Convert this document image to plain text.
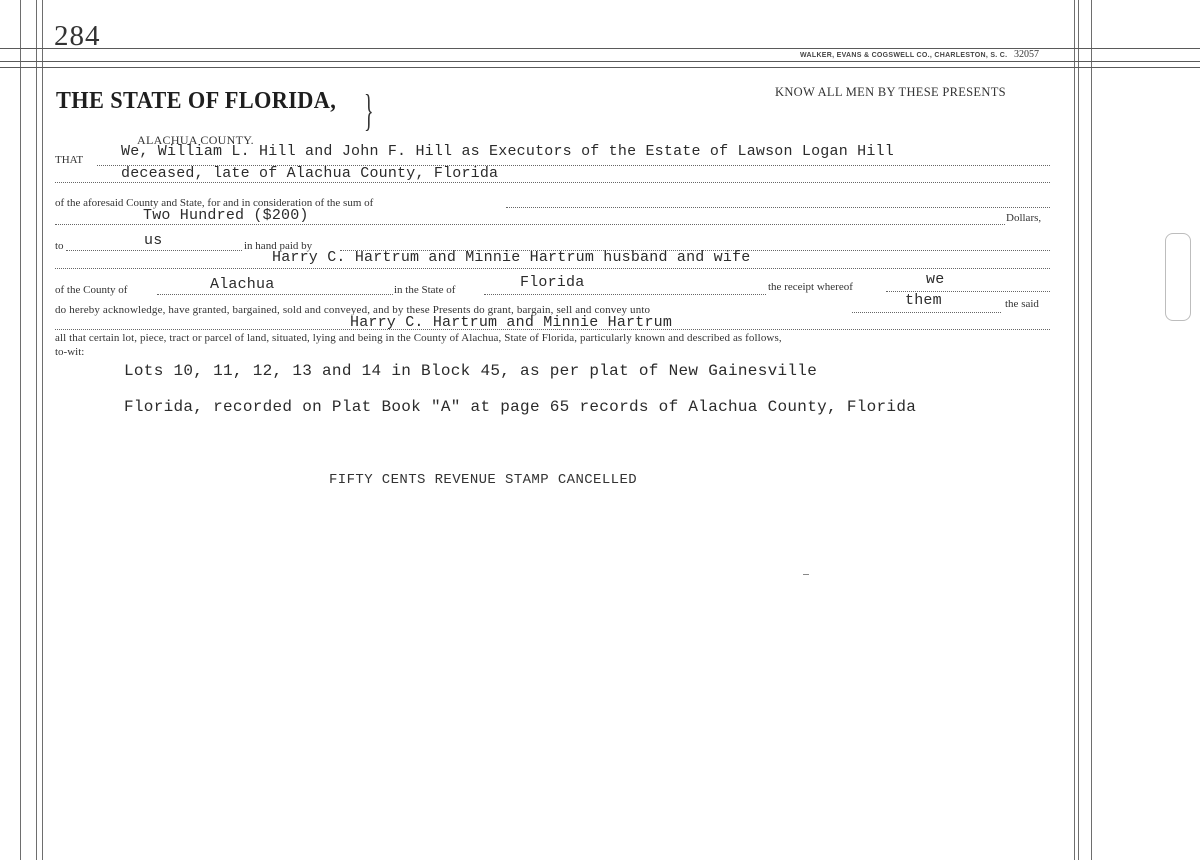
284
WALKER, EVANS & COGSWELL CO., CHARLESTON, S. C. 32057
THE STATE OF FLORIDA, }	KNOW ALL MEN BY THESE PRESENTS
ALACHUA COUNTY.
THAT	We, William L. Hill and John F. Hill as Executors of the Estate of Lawson Logan Hill
deceased, late of Alachua County, Florida
of the aforesaid County and State, for and in consideration of the sum of
Two Hundred ($200)	Dollars,
to	us	in hand paid by
Harry C. Hartrum and Minnie Hartrum husband and wife
of the County of	Alachua	in the State of	Florida	the receipt whereof	we
do hereby acknowledge, have granted, bargained, sold and conveyed, and by these Presents do grant, bargain, sell and convey unto
them	the said
Harry C. Hartrum and Minnie Hartrum
all that certain lot, piece, tract or parcel of land, situated, lying and being in the County of Alachua, State of Florida, particularly known and described as follows,
to-wit:
Lots 10, 11, 12, 13 and 14 in Block 45, as per plat of New Gainesville
Florida, recorded on Plat Book "A" at page 65 records of Alachua County, Florida
FIFTY CENTS REVENUE STAMP CANCELLED
